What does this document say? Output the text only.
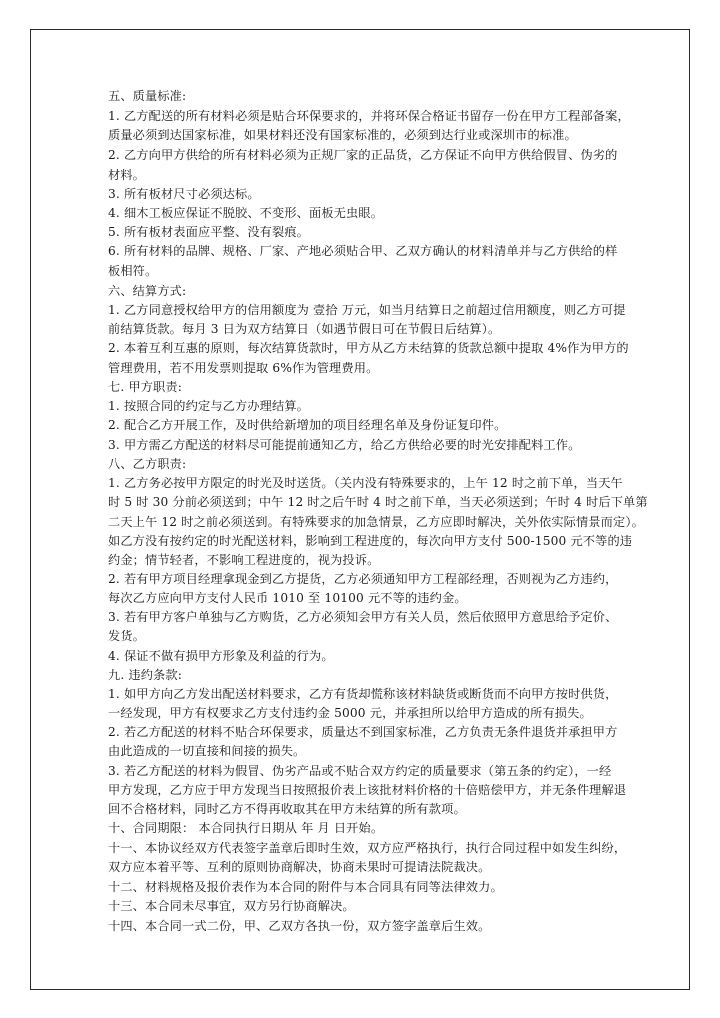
五、质量标准:
1. 乙方配送的所有材料必须是贴合环保要求的，并将环保合格证书留存一份在甲方工程部备案，
质量必须到达国家标准，如果材料还没有国家标准的，必须到达行业或深圳市的标准。
2. 乙方向甲方供给的所有材料必须为正规厂家的正品货，乙方保证不向甲方供给假冒、伪劣的
材料。
3. 所有板材尺寸必须达标。
4. 细木工板应保证不脱胶、不变形、面板无虫眼。
5. 所有板材表面应平整、没有裂痕。
6. 所有材料的品牌、规格、厂家、产地必须贴合甲、乙双方确认的材料清单并与乙方供给的样
板相符。
六、结算方式:
1. 乙方同意授权给甲方的信用额度为 壹拾 万元，如当月结算日之前超过信用额度，则乙方可提
前结算货款。每月 3 日为双方结算日（如遇节假日可在节假日后结算）。
2. 本着互利互惠的原则，每次结算货款时，甲方从乙方未结算的货款总额中提取 4%作为甲方的
管理费用，若不用发票则提取 6%作为管理费用。
七. 甲方职责:
1. 按照合同的约定与乙方办理结算。
2. 配合乙方开展工作，及时供给新增加的项目经理名单及身份证复印件。
3. 甲方需乙方配送的材料尽可能提前通知乙方，给乙方供给必要的时光安排配料工作。
八、乙方职责:
1. 乙方务必按甲方限定的时光及时送货。（关内没有特殊要求的，上午 12 时之前下单，当天午
时 5 时 30 分前必须送到；中午 12 时之后午时 4 时之前下单，当天必须送到；午时 4 时后下单第
二天上午 12 时之前必须送到。有特殊要求的加急情景，乙方应即时解决，关外依实际情景而定）。
如乙方没有按约定的时光配送材料，影响到工程进度的，每次向甲方支付 500-1500 元不等的违
约金；情节轻者，不影响工程进度的，视为投诉。
2. 若有甲方项目经理拿现金到乙方提货，乙方必须通知甲方工程部经理，否则视为乙方违约，
每次乙方应向甲方支付人民币 1010 至 10100 元不等的违约金。
3. 若有甲方客户单独与乙方购货，乙方必须知会甲方有关人员，然后依照甲方意思给予定价、
发货。
4. 保证不做有损甲方形象及利益的行为。
九. 违约条款:
1. 如甲方向乙方发出配送材料要求，乙方有货却慌称该材料缺货或断货而不向甲方按时供货，
一经发现，甲方有权要求乙方支付违约金 5000 元，并承担所以给甲方造成的所有损失。
2. 若乙方配送的材料不贴合环保要求，质量达不到国家标准，乙方负责无条件退货并承担甲方
由此造成的一切直接和间接的损失。
3. 若乙方配送的材料为假冒、伪劣产品或不贴合双方约定的质量要求（第五条的约定），一经
甲方发现，乙方应于甲方发现当日按照报价表上该批材料价格的十倍赔偿甲方，并无条件理解退
回不合格材料，同时乙方不得再收取其在甲方未结算的所有款项。
十、合同期限： 本合同执行日期从 年 月 日开始。
十一、本协议经双方代表签字盖章后即时生效，双方应严格执行，执行合同过程中如发生纠纷，
双方应本着平等、互利的原则协商解决，协商未果时可提请法院裁决。
十二、材料规格及报价表作为本合同的附件与本合同具有同等法律效力。
十三、本合同未尽事宜，双方另行协商解决。
十四、本合同一式二份，甲、乙双方各执一份，双方签字盖章后生效。
